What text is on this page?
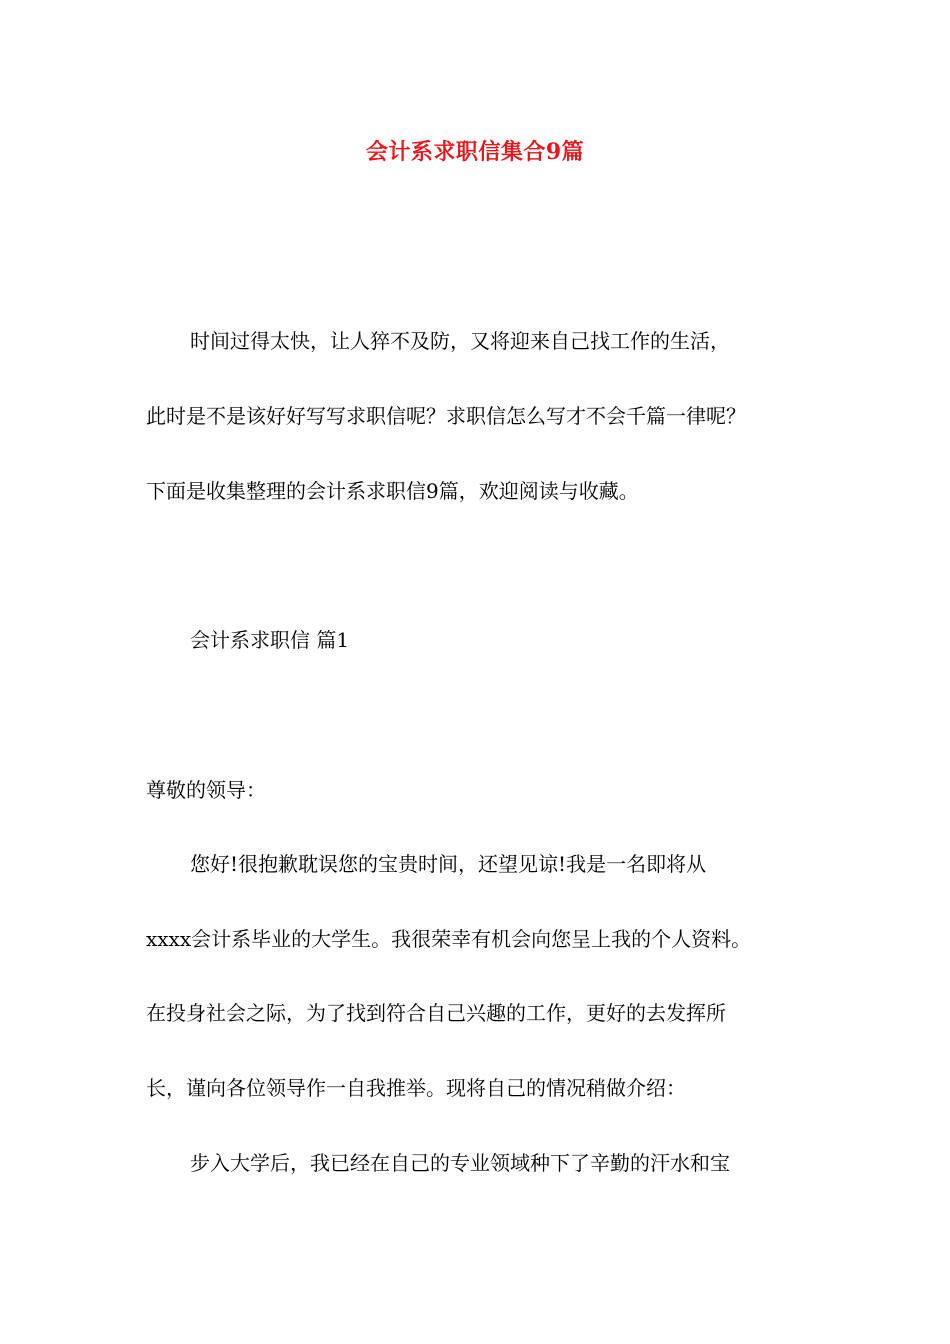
会计系求职信集合9篇

时间过得太快，让人猝不及防，又将迎来自己找工作的生活，

此时是不是该好好写写求职信呢？求职信怎么写才不会千篇一律呢？

下面是收集整理的会计系求职信9篇，欢迎阅读与收藏。

会计系求职信 篇1

尊敬的领导：

您好!很抱歉耽误您的宝贵时间，还望见谅!我是一名即将从

xxxx会计系毕业的大学生。我很荣幸有机会向您呈上我的个人资料。

在投身社会之际，为了找到符合自己兴趣的工作，更好的去发挥所

长，谨向各位领导作一自我推举。现将自己的情况稍做介绍：

步入大学后，我已经在自己的专业领域种下了辛勤的汗水和宝
